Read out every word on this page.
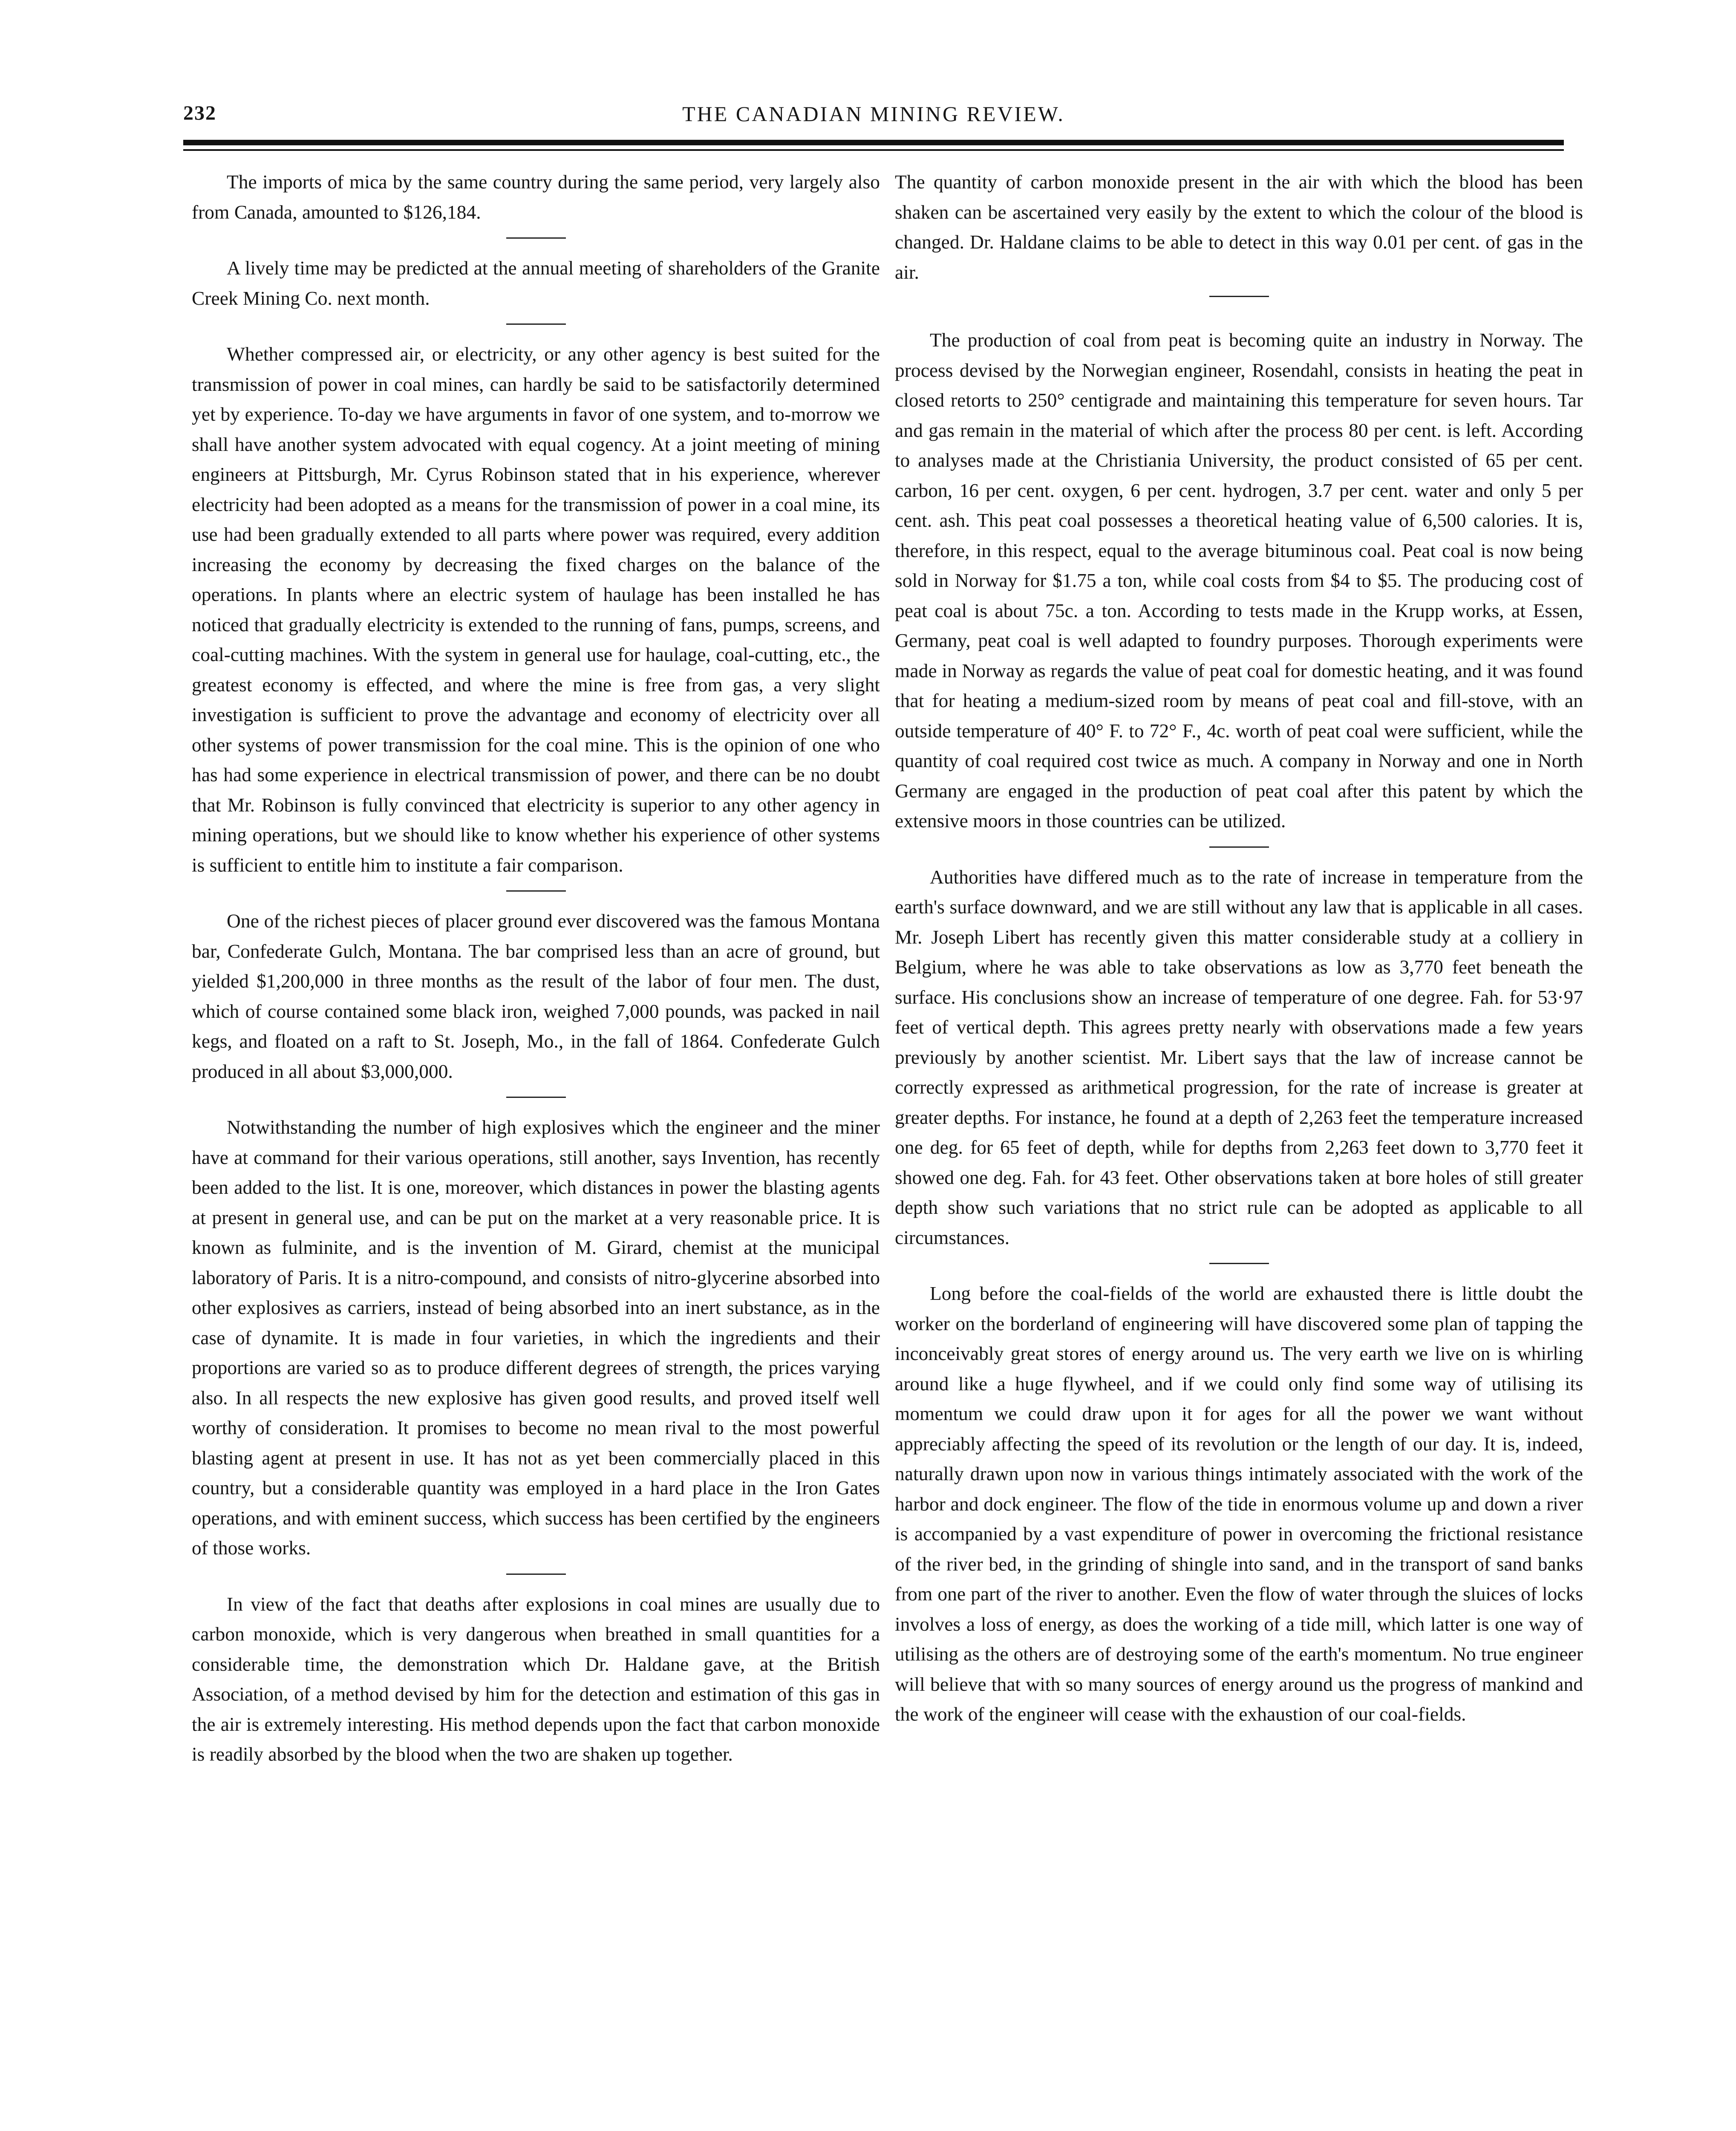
232	THE CANADIAN MINING REVIEW.

The imports of mica by the same country during the same period, very largely also from Canada, amounted to $126,184.

A lively time may be predicted at the annual meeting of shareholders of the Granite Creek Mining Co. next month.

Whether compressed air, or electricity, or any other agency is best suited for the transmission of power in coal mines, can hardly be said to be satisfactorily determined yet by experience. To-day we have arguments in favor of one system, and to-morrow we shall have another system advocated with equal cogency. At a joint meeting of mining engineers at Pittsburgh, Mr. Cyrus Robinson stated that in his experience, wherever electricity had been adopted as a means for the transmission of power in a coal mine, its use had been gradually extended to all parts where power was required, every addition increasing the economy by decreasing the fixed charges on the balance of the operations. In plants where an electric system of haulage has been installed he has noticed that gradually electricity is extended to the running of fans, pumps, screens, and coal-cutting machines. With the system in general use for haulage, coal-cutting, etc., the greatest economy is effected, and where the mine is free from gas, a very slight investigation is sufficient to prove the advantage and economy of electricity over all other systems of power transmission for the coal mine. This is the opinion of one who has had some experience in electrical transmission of power, and there can be no doubt that Mr. Robinson is fully convinced that electricity is superior to any other agency in mining operations, but we should like to know whether his experience of other systems is sufficient to entitle him to institute a fair comparison.

One of the richest pieces of placer ground ever discovered was the famous Montana bar, Confederate Gulch, Montana. The bar comprised less than an acre of ground, but yielded $1,200,000 in three months as the result of the labor of four men. The dust, which of course contained some black iron, weighed 7,000 pounds, was packed in nail kegs, and floated on a raft to St. Joseph, Mo., in the fall of 1864. Confederate Gulch produced in all about $3,000,000.

Notwithstanding the number of high explosives which the engineer and the miner have at command for their various operations, still another, says Invention, has recently been added to the list. It is one, moreover, which distances in power the blasting agents at present in general use, and can be put on the market at a very reasonable price. It is known as fulminite, and is the invention of M. Girard, chemist at the municipal laboratory of Paris. It is a nitro-compound, and consists of nitro-glycerine absorbed into other explosives as carriers, instead of being absorbed into an inert substance, as in the case of dynamite. It is made in four varieties, in which the ingredients and their proportions are varied so as to produce different degrees of strength, the prices varying also. In all respects the new explosive has given good results, and proved itself well worthy of consideration. It promises to become no mean rival to the most powerful blasting agent at present in use. It has not as yet been commercially placed in this country, but a considerable quantity was employed in a hard place in the Iron Gates operations, and with eminent success, which success has been certified by the engineers of those works.

In view of the fact that deaths after explosions in coal mines are usually due to carbon monoxide, which is very dangerous when breathed in small quantities for a considerable time, the demonstration which Dr. Haldane gave, at the British Association, of a method devised by him for the detection and estimation of this gas in the air is extremely interesting. His method depends upon the fact that carbon monoxide is readily absorbed by the blood when the two are shaken up together.

The quantity of carbon monoxide present in the air with which the blood has been shaken can be ascertained very easily by the extent to which the colour of the blood is changed. Dr. Haldane claims to be able to detect in this way 0.01 per cent. of gas in the air.

The production of coal from peat is becoming quite an industry in Norway. The process devised by the Norwegian engineer, Rosendahl, consists in heating the peat in closed retorts to 250° centigrade and maintaining this temperature for seven hours. Tar and gas remain in the material of which after the process 80 per cent. is left. According to analyses made at the Christiania University, the product consisted of 65 per cent. carbon, 16 per cent. oxygen, 6 per cent. hydrogen, 3.7 per cent. water and only 5 per cent. ash. This peat coal possesses a theoretical heating value of 6,500 calories. It is, therefore, in this respect, equal to the average bituminous coal. Peat coal is now being sold in Norway for $1.75 a ton, while coal costs from $4 to $5. The producing cost of peat coal is about 75c. a ton. According to tests made in the Krupp works, at Essen, Germany, peat coal is well adapted to foundry purposes. Thorough experiments were made in Norway as regards the value of peat coal for domestic heating, and it was found that for heating a medium-sized room by means of peat coal and fill-stove, with an outside temperature of 40° F. to 72° F., 4c. worth of peat coal were sufficient, while the quantity of coal required cost twice as much. A company in Norway and one in North Germany are engaged in the production of peat coal after this patent by which the extensive moors in those countries can be utilized.

Authorities have differed much as to the rate of increase in temperature from the earth's surface downward, and we are still without any law that is applicable in all cases. Mr. Joseph Libert has recently given this matter considerable study at a colliery in Belgium, where he was able to take observations as low as 3,770 feet beneath the surface. His conclusions show an increase of temperature of one degree. Fah. for 53·97 feet of vertical depth. This agrees pretty nearly with observations made a few years previously by another scientist. Mr. Libert says that the law of increase cannot be correctly expressed as arithmetical progression, for the rate of increase is greater at greater depths. For instance, he found at a depth of 2,263 feet the temperature increased one deg. for 65 feet of depth, while for depths from 2,263 feet down to 3,770 feet it showed one deg. Fah. for 43 feet. Other observations taken at bore holes of still greater depth show such variations that no strict rule can be adopted as applicable to all circumstances.

Long before the coal-fields of the world are exhausted there is little doubt the worker on the borderland of engineering will have discovered some plan of tapping the inconceivably great stores of energy around us. The very earth we live on is whirling around like a huge flywheel, and if we could only find some way of utilising its momentum we could draw upon it for ages for all the power we want without appreciably affecting the speed of its revolution or the length of our day. It is, indeed, naturally drawn upon now in various things intimately associated with the work of the harbor and dock engineer. The flow of the tide in enormous volume up and down a river is accompanied by a vast expenditure of power in overcoming the frictional resistance of the river bed, in the grinding of shingle into sand, and in the transport of sand banks from one part of the river to another. Even the flow of water through the sluices of locks involves a loss of energy, as does the working of a tide mill, which latter is one way of utilising as the others are of destroying some of the earth's momentum. No true engineer will believe that with so many sources of energy around us the progress of mankind and the work of the engineer will cease with the exhaustion of our coal-fields.
